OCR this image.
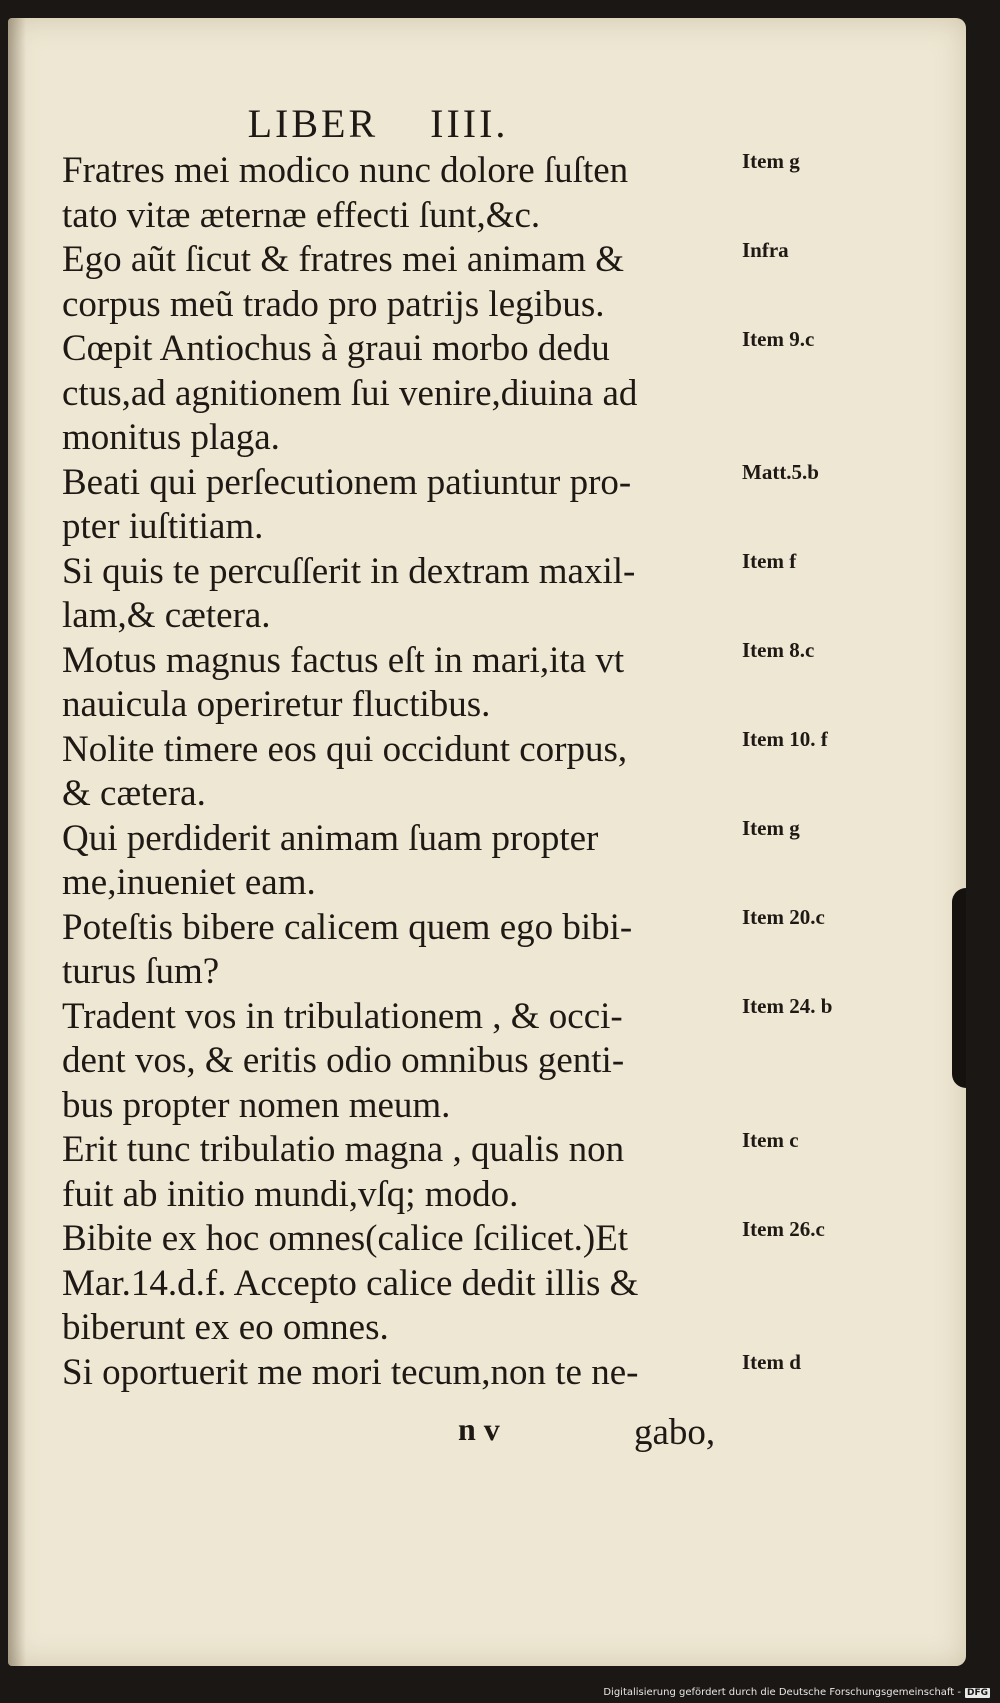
LIBER    IIII.
Fratres mei modico nunc dolore ſuſten
tato vitæ æternæ effecti ſunt,&c.
Ego aũt ſicut & fratres mei animam &
corpus meũ trado pro patrijs legibus.
Cœpit Antiochus à graui morbo dedu
ctus,ad agnitionem ſui venire,diuina ad
monitus plaga.
Beati qui perſecutionem patiuntur pro-
pter iuſtitiam.
Si quis te percuſſerit in dextram maxil-
lam,& cætera.
Motus magnus factus eſt in mari,ita vt
nauicula operiretur fluctibus.
Nolite timere eos qui occidunt corpus,
& cætera.
Qui perdiderit animam ſuam propter
me,inueniet eam.
Poteſtis bibere calicem quem ego bibi-
turus ſum?
Tradent vos in tribulationem , & occi-
dent vos, & eritis odio omnibus genti-
bus propter nomen meum.
Erit tunc tribulatio magna , qualis non
fuit ab initio mundi,vſq; modo.
Bibite ex hoc omnes(calice ſcilicet.)Et
Mar.14.d.f. Accepto calice dedit illis &
biberunt ex eo omnes.
Si oportuerit me mori tecum,non te ne-
Item g
Infra
Item 9.c
Matt.5.b
Item f
Item 8.c
Item 10. f
Item g
Item 20.c
Item 24. b
Item c
Item 26.c
Item d
n v	gabo,
Digitalisierung gefördert durch die Deutsche Forschungsgemeinschaft - DFG
